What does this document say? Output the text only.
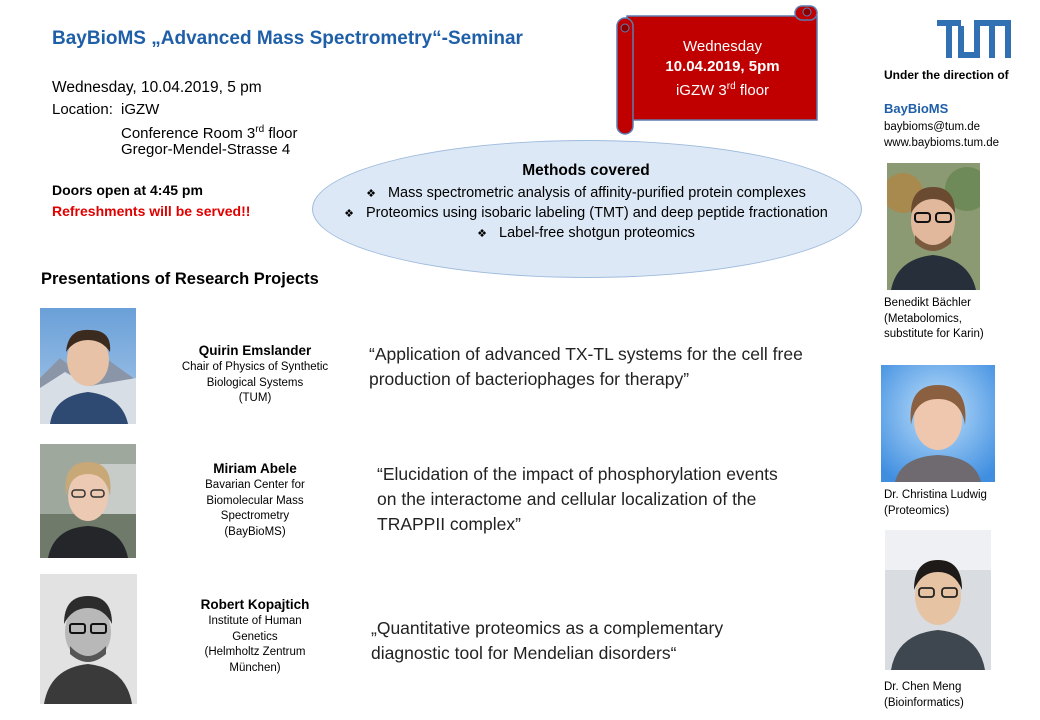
BayBioMS „Advanced Mass Spectrometry“-Seminar
Wednesday, 10.04.2019, 5 pm
Location: iGZW
Conference Room 3rd floor
Gregor-Mendel-Strasse 4
Doors open at 4:45 pm
Refreshments will be served!!
Wednesday
10.04.2019, 5pm
iGZW 3rd floor
Methods covered
❖ Mass spectrometric analysis of affinity-purified protein complexes
❖ Proteomics using isobaric labeling (TMT) and deep peptide fractionation
❖ Label-free shotgun proteomics
Under the direction of
BayBioMS
baybioms@tum.de
www.baybioms.tum.de
Presentations of Research Projects
Quirin Emslander
Chair of Physics of Synthetic
Biological Systems
(TUM)
“Application of advanced TX-TL systems for the cell free production of bacteriophages for therapy”
Miriam Abele
Bavarian Center for
Biomolecular Mass
Spectrometry
(BayBioMS)
“Elucidation of the impact of phosphorylation events on the interactome and cellular localization of the TRAPPII complex”
Robert Kopajtich
Institute of Human
Genetics
(Helmholtz Zentrum
München)
„Quantitative proteomics as a complementary diagnostic tool for Mendelian disorders“
Benedikt Bächler
(Metabolomics,
substitute for Karin)
Dr. Christina Ludwig
(Proteomics)
Dr. Chen Meng
(Bioinformatics)
